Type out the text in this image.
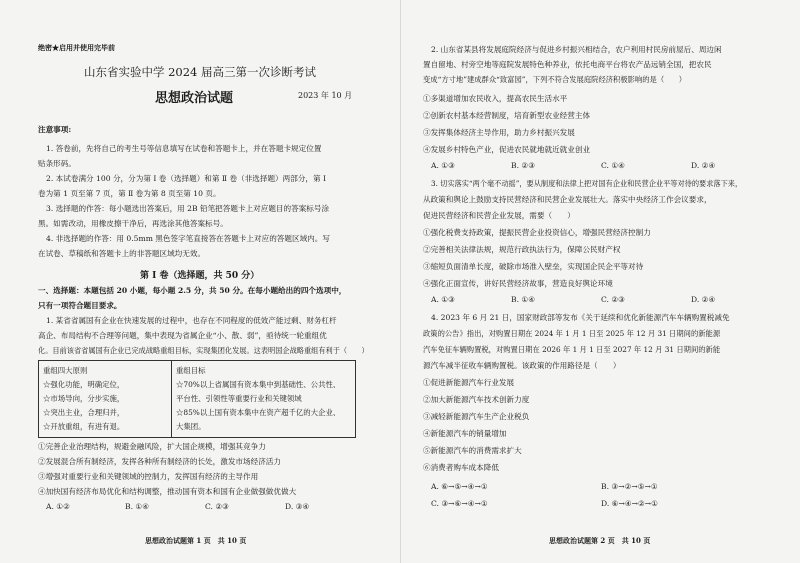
绝密★启用并使用完毕前
山东省实验中学 2024 届高三第一次诊断考试
思想政治试题	2023 年 10 月
注意事项:
1. 答卷前，先将自己的考生号等信息填写在试卷和答题卡上，并在答题卡规定位置
贴条形码。
2. 本试卷满分 100 分，分为第 Ⅰ 卷（选择题）和第 Ⅱ 卷（非选择题）两部分，第 Ⅰ
卷为第 1 页至第 7 页，第 Ⅱ 卷为第 8 页至第 10 页。
3. 选择题的作答：每小题选出答案后，用 2B 铅笔把答题卡上对应题目的答案标号涂
黑。如需改动，用橡皮擦干净后，再选涂其他答案标号。
4. 非选择题的作答：用 0.5mm 黑色签字笔直接答在答题卡上对应的答题区域内。写
在试卷、草稿纸和答题卡上的非答题区域均无效。
第 Ⅰ 卷（选择题，共 50 分）
一、选择题：本题包括 20 小题，每小题 2.5 分，共 50 分。在每小题给出的四个选项中，
只有一项符合题目要求。
1. 某省省属国有企业在快速发展的过程中，也存在不同程度的低效产能过剩、财务杠杆
高企、布局结构不合理等问题，集中表现为省属企业“小、散、弱”，亟待统一轮重组优
化。目前该省省属国有企业已完成战略重组目标，实现集团化发展。这表明国企战略重组有利于（　　）
重组四大原则
☆强化功能，明确定位，
☆市场导向，分步实施，
☆突出主业，合理归并，
☆开放重组，有进有退。

重组目标
☆70%以上省属国有资本集中到基础性、公共性、
平台性、引领性等重要行业和关键领域
☆85%以上国有资本集中在资产超千亿的大企业、
大集团。
①完善企业治理结构，规避金融风险，扩大国企规模，增强其竞争力
②发展混合所有制经济，发挥各种所有制经济的长处，激发市场经济活力
③增强对重要行业和关键领域的控制力，发挥国有经济的主导作用
④加快国有经济布局优化和结构调整，推动国有资本和国有企业做强做优做大
A. ①②	B. ①④	C. ②③	D. ③④
思想政治试题第 1 页　共 10 页
2. 山东省某县将发展庭院经济与促进乡村振兴相结合，农户利用村民房前屋后、周边闲
置自留地、村旁空地等庭院发展特色种养业，依托电商平台将农产品远销全国，把农民
变成“方寸地”建成群众“致富园”，下列不符合发展庭院经济积极影响的是（　　）
①多渠道增加农民收入，提高农民生活水平
②创新农村基本经营制度，培育新型农业经营主体
③发挥集体经济主导作用，助力乡村振兴发展
④发展乡村特色产业，促进农民就地就近就业创业
A. ①③	B. ②③	C. ①④	D. ②④
3. 切实落实“两个毫不动摇”，要从制度和法律上把对国有企业和民营企业平等对待的要求落下来，
从政策和舆论上鼓励支持民营经济和民营企业发展壮大。落实中央经济工作会议要求，
促进民营经济和民营企业发展，需要（　　）
①强化税费支持政策，提振民营企业投资信心，增强民营经济控制力
②完善相关法律法规，规范行政执法行为，保障公民财产权
③缩短负面清单长度，破除市场准入壁垒，实现国企民企平等对待
④强化正面宣传，讲好民营经济故事，营造良好舆论环境
A. ①③	B. ①④	C. ②③	D. ②④
4. 2023 年 6 月 21 日，国家财政部等发布《关于延续和优化新能源汽车车辆购置税减免
政策的公告》指出，对购置日期在 2024 年 1 月 1 日至 2025 年 12 月 31 日期间的新能源
汽车免征车辆购置税，对购置日期在 2026 年 1 月 1 日至 2027 年 12 月 31 日期间的新能
源汽车减半征收车辆购置税。该政策的作用路径是（　　）
①促进新能源汽车行业发展
②加大新能源汽车技术创新力度
③减轻新能源汽车生产企业税负
④新能源汽车的销量增加
⑤新能源汽车的消费需求扩大
⑥消费者购车成本降低
A. ⑥→⑤→④→①	B. ③→②→⑤→①
C. ③→⑥→④→①	D. ⑥→④→②→①
思想政治试题第 2 页　共 10 页
